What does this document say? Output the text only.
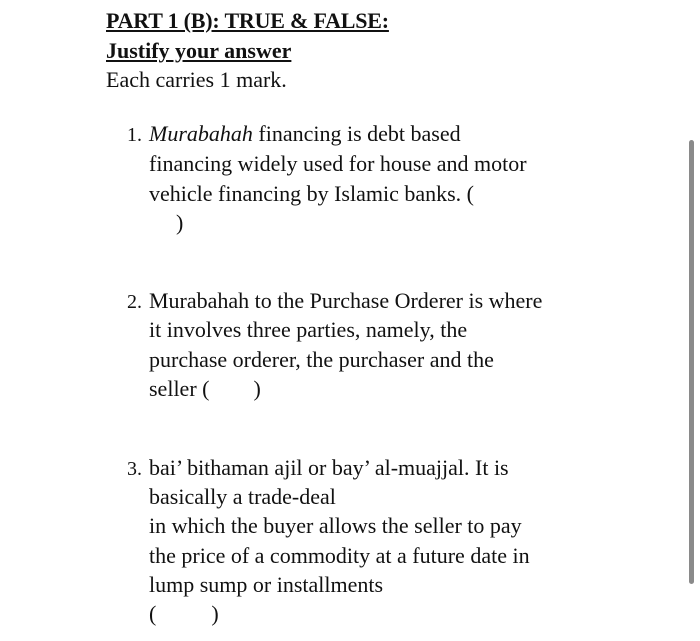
PART 1 (B): TRUE & FALSE:
Justify your answer
Each carries 1 mark.
1. Murabahah financing is debt based
financing widely used for house and motor
vehicle financing by Islamic banks. (
)
2. Murabahah to the Purchase Orderer is where
it involves three parties, namely, the
purchase orderer, the purchaser and the
seller (        )
3. bai’ bithaman ajil or bay’ al-muajjal. It is
basically a trade-deal
in which the buyer allows the seller to pay
the price of a commodity at a future date in
lump sump or installments
(          )
